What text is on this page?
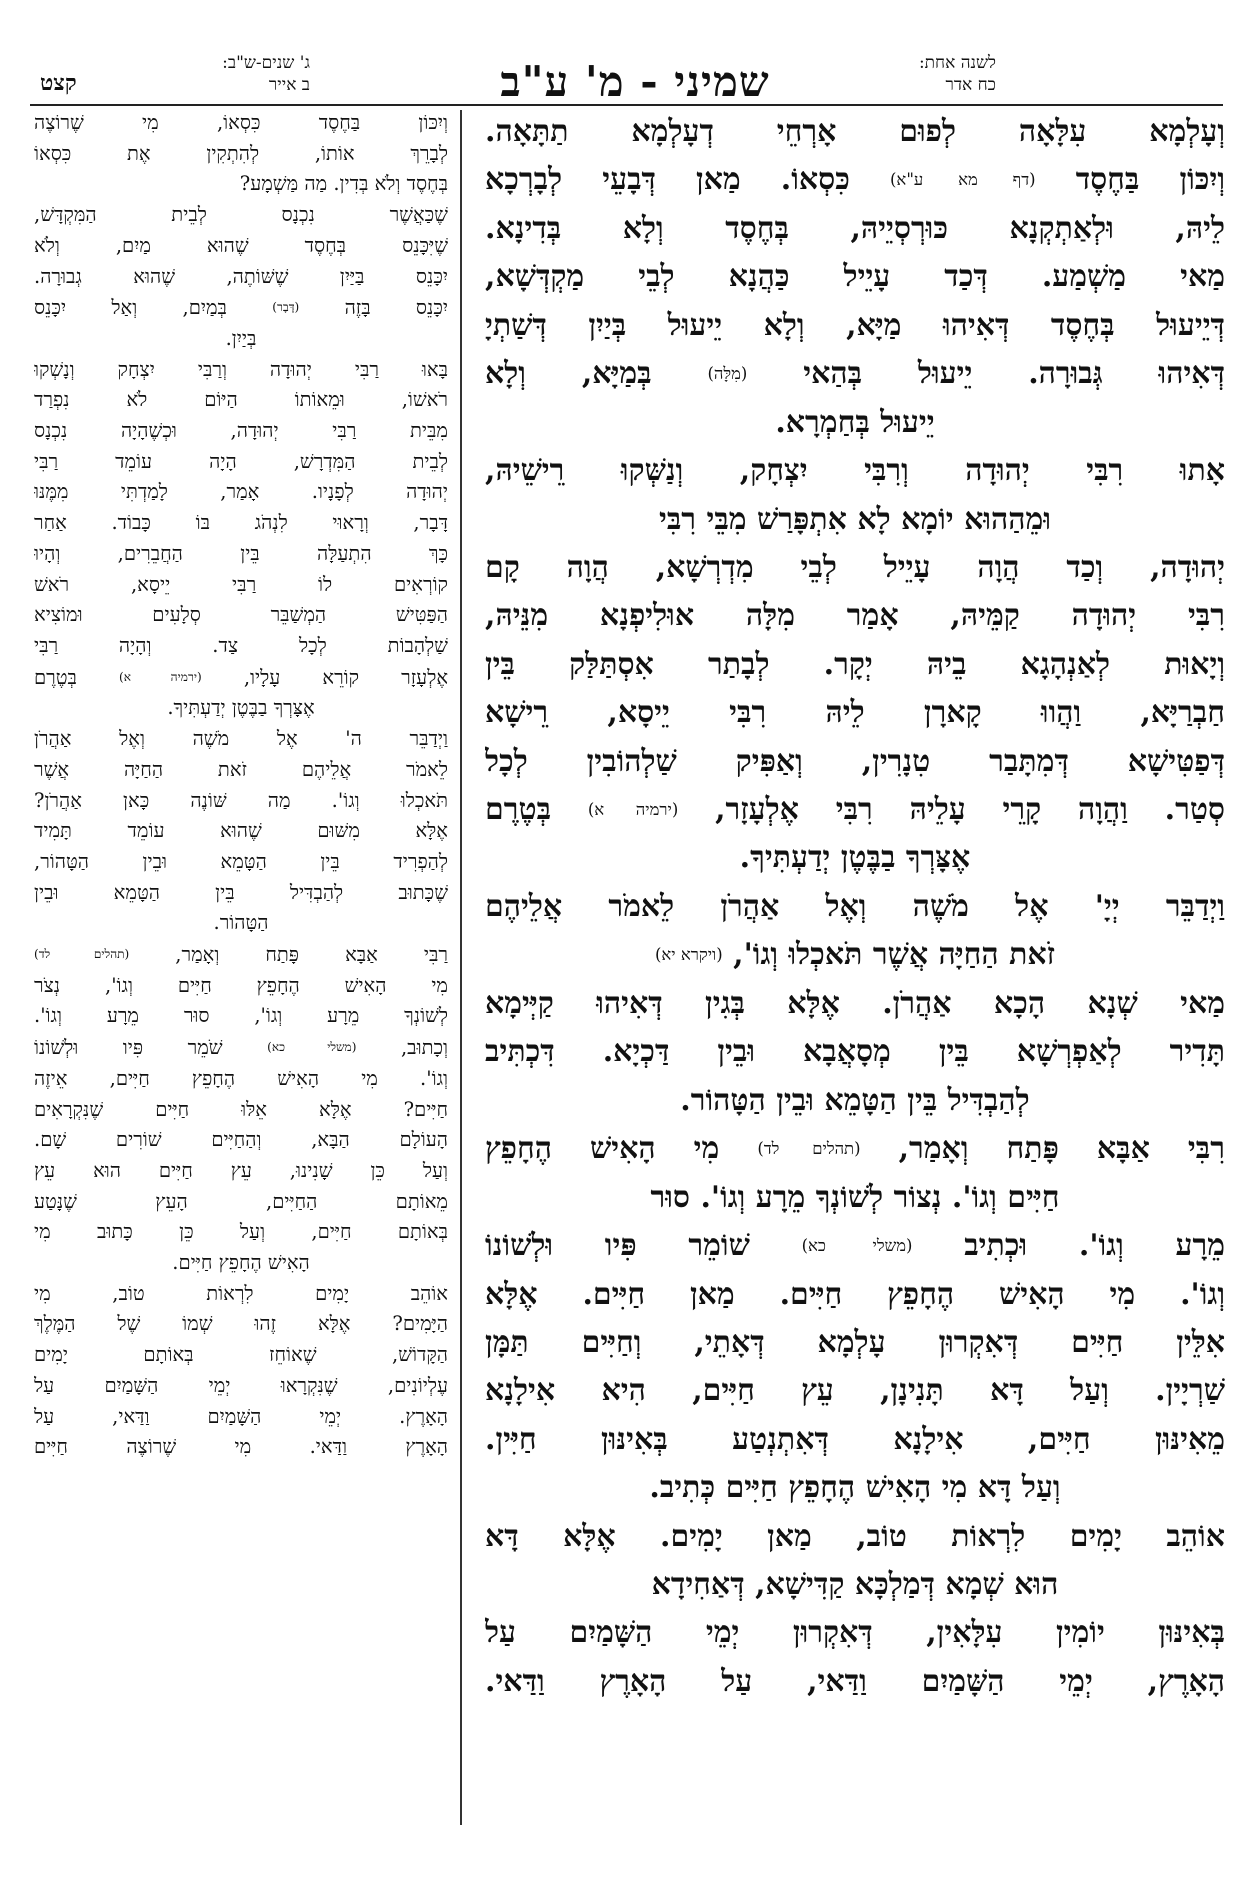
לשנה אחת:
כח אדר
שמיני - מ' ע"ב
ג' שנים-ש"ב:
ב אייר
קצט
וְעָלְמָא עִלָּאָה לְפוּם אָרְחֵי דְעָלְמָא תַתָּאָה.
וְיִכּוֹן בַּחֶסֶד (דף מא ע"א) כִּסְאוֹ. מַאן דְּבָעֵי לְבָרְכָא
לֵיהּ, וּלְאַתְקְנָא כּוּרְסְיֵיהּ, בְּחֶסֶד וְלָא בְּדִינָא.
מַאי מַשְׁמַע. דְּכַד עָיֵיל כַּהֲנָא לְבֵי מַקְדְּשָׁא,
דְּיֵיעוּל בְּחֶסֶד דְּאִיהוּ מַיָּא, וְלָא יֵיעוּל בְּיַיִן דְּשַׁתְיָ
דְּאִיהוּ גְּבוּרָה. יֵיעוּל בְּהַאי (מִלָּה) בְּמַיָּא, וְלָא
יֵיעוּל בְּחַמְרָא.
אָתוּ רִבִּי יְהוּדָה וְרִבִּי יִצְחָק, וְנַשְּׁקוּ רֵישֵׁיהּ,
וּמֵהַהוּא יוֹמָא לָא אִתְפָּרַשׁ מִבֵּי רִבִּי
יְהוּדָה, וְכַד הֲוָה עָיֵיל לְבֵי מִדְרְשָׁא, הֲוָה קָם
רִבִּי יְהוּדָה קַמֵּיהּ, אָמַר מִלָּה אוּלִיפְנָא מִנֵּיהּ,
וְיָאוּת לְאַנְהָגָא בֵיהּ יְקָר. לְבָתַר אִסְתַּלַּק בֵּין
חַבְרַיָּא, וַהֲווּ קָארָן לֵיהּ רִבִּי יֵיסָא, רֵישָׁא
דְּפַטִּישָׁא דְּמִתָּבַר טִנָרִין, וְאַפִּיק שַׁלְהוֹבִין לְכָל
סְטַר. וַהֲוָה קָרֵי עָלֵיהּ רִבִּי אֶלְעָזָר, (ירמיה א) בְּטֶרֶם
אֶצָּרְךָ בַבֶּטֶן יְדַעְתִּיךָ.
וַיְדַבֵּר יְיָ' אֶל מֹשֶׁה וְאֶל אַהֲרֹן לֵאמֹר אֲלֵיהֶם
זֹאת הַחַיָּה אֲשֶׁר תֹּאכְלוּ וְגוֹ', (ויקרא יא)
מַאי שְׁנָא הָכָא אַהֲרֹן. אֶלָּא בְּגִין דְּאִיהוּ קַיְּימָא
תָּדִיר לְאַפְרְשָׁא בֵּין מְסָאֲבָא וּבֵין דַּכְיָא. דִּכְתִּיב
לְהַבְדִּיל בֵּין הַטָּמֵא וּבֵין הַטָּהוֹר.
רִבִּי אַבָּא פָּתַח וְאָמַר, (תהלים לד) מִי הָאִישׁ הֶחָפֵץ
חַיִּים וְגוֹ'. נְצוֹר לְשׁוֹנְךָ מֵרָע וְגוֹ'. סוּר
מֵרָע וְגוֹ'. וּכְתִיב (משלי כא) שׁוֹמֵר פִּיו וּלְשׁוֹנוֹ
וְגוֹ'. מִי הָאִישׁ הֶחָפֵץ חַיִּים. מַאן חַיִּים. אֶלָּא
אִלֵּין חַיִּים דְּאִקְרוּן עָלְמָא דְּאָתֵי, וְחַיִּים תַּמָּן
שַׁרְיָין. וְעַל דָּא תָּנִינָן, עֵץ חַיִּים, הִיא אִילָנָא
מֵאִינּוּן חַיִּים, אִילָנָא דְּאִתְנְטַע בְּאִינּוּן חַיִּין.
וְעַל דָּא מִי הָאִישׁ הֶחָפֵץ חַיִּים כְּתִיב.
אוֹהֵב יָמִים לִרְאוֹת טוֹב, מַאן יָמִים. אֶלָּא דָּא
הוּא שְׁמָא דְּמַלְכָּא קַדִּישָׁא, דְּאַחִידָא
בְּאִינּוּן יוֹמִין עִלָּאִין, דְּאִקְרוּן יְמֵי הַשָּׁמַיִם עַל
הָאָרֶץ, יְמֵי הַשָּׁמַיִם וַדַּאי, עַל הָאָרֶץ וַדַּאי.
וְיִכּוֹן בַּחֶסֶד כִּסְאוֹ, מִי שֶׁרוֹצֶה
לְבָרֵךְ אוֹתוֹ, לְהִתְקִין אֶת כִּסְאוֹ
בְּחֶסֶד וְלֹא בְּדִין. מַה מַּשְׁמָע?
שֶׁכַּאֲשֶׁר נִכְנָס לְבֵית הַמִּקְדָּשׁ,
שֶׁיִּכָּנֵס בְּחֶסֶד שֶׁהוּא מַיִם, וְלֹא
יִכָּנֵס בַּיַּיִן שֶׁשּׁוֹתֶה, שֶׁהוּא גְבוּרָה.
יִכָּנֵס בָּזֶה (דָּבָר) בְּמַיִם, וְאַל יִכָּנֵס
בְּיַיִן.
בָּאוּ רַבִּי יְהוּדָה וְרַבִּי יִצְחָק וְנָשְׁקוּ
רֹאשׁוֹ, וּמֵאוֹתוֹ הַיּוֹם לֹא נִפְרַד
מִבֵּית רַבִּי יְהוּדָה, וּכְשֶׁהָיָה נִכְנָס
לְבֵית הַמִּדְרָשׁ, הָיָה עוֹמֵד רַבִּי
יְהוּדָה לְפָנָיו. אָמַר, לָמַדְתִּי מִמֶּנּוּ
דָּבָר, וְרָאוּי לִנְהֹג בּוֹ כָּבוֹד. אַחַר
כָּךְ הִתְעַלָּה בֵּין הַחֲבֵרִים, וְהָיוּ
קוֹרְאִים לוֹ רַבִּי יֵיסָא, רֹאשׁ
הַפַּטִּישׁ הַמְשַׁבֵּר סְלָעִים וּמוֹצִיא
שַׁלְהָבוֹת לְכָל צַד. וְהָיָה רַבִּי
אֶלְעָזָר קוֹרֵא עָלָיו, (ירמיה א) בְּטֶרֶם
אֶצָּרְךָ בַבֶּטֶן יְדַעְתִּיךָ.
וַיְדַבֵּר ה' אֶל מֹשֶׁה וְאֶל אַהֲרֹן
לֵאמֹר אֲלֵיהֶם זֹאת הַחַיָּה אֲשֶׁר
תֹּאכְלוּ וְגוֹ'. מַה שּׁוֹנֶה כָּאן אַהֲרֹן?
אֶלָּא מִשּׁוּם שֶׁהוּא עוֹמֵד תָּמִיד
לְהַפְרִיד בֵּין הַטָּמֵא וּבֵין הַטָּהוֹר,
שֶׁכָּתוּב לְהַבְדִּיל בֵּין הַטָּמֵא וּבֵין
הַטָּהוֹר.
רַבִּי אַבָּא פָּתַח וְאָמַר, (תהלים לד)
מִי הָאִישׁ הֶחָפֵץ חַיִּים וְגוֹ', נְצֹר
לְשׁוֹנְךָ מֵרָע וְגוֹ', סוּר מֵרָע וְגוֹ'.
וְכָתוּב, (משלי כא) שֹׁמֵר פִּיו וּלְשׁוֹנוֹ
וְגוֹ'. מִי הָאִישׁ הֶחָפֵץ חַיִּים, אֵיזֶה
חַיִּים? אֶלָּא אֵלּוּ חַיִּים שֶׁנִּקְרָאִים
הָעוֹלָם הַבָּא, וְהַחַיִּים שׁוֹרִים שָׁם.
וְעַל כֵּן שָׁנִינוּ, עֵץ חַיִּים הוּא עֵץ
מֵאוֹתָם הַחַיִּים, הָעֵץ שֶׁנָּטַע
בְּאוֹתָם חַיִּים, וְעַל כֵּן כָּתוּב מִי
הָאִישׁ הֶחָפֵץ חַיִּים.
אוֹהֵב יָמִים לִרְאוֹת טוֹב, מִי
הַיָּמִים? אֶלָּא זֶהוּ שְׁמוֹ שֶׁל הַמֶּלֶךְ
הַקָּדוֹשׁ, שֶׁאוֹחֵז בְּאוֹתָם יָמִים
עֶלְיוֹנִים, שֶׁנִּקְרָאוּ יְמֵי הַשָּׁמַיִם עַל
הָאָרֶץ. יְמֵי הַשָּׁמַיִם וַדַּאי, עַל
הָאָרֶץ וַדַּאי. מִי שֶׁרוֹצֶה חַיִּים
